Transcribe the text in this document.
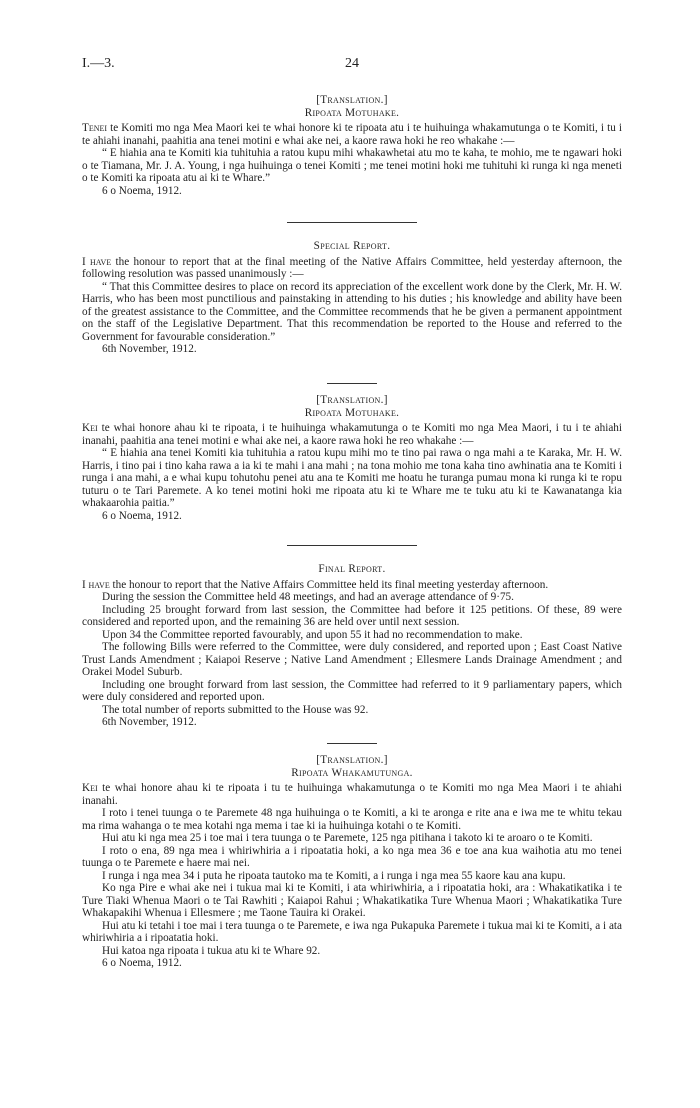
I.—3.	24

[Translation.]

Ripoata Motuhake.

Tenei te Komiti mo nga Mea Maori kei te whai honore ki te ripoata atu i te huihuinga whakamutunga o te Komiti, i tu i te ahiahi inanahi, paahitia ana tenei motini e whai ake nei, a kaore rawa hoki he reo whakahe :—

“ E hiahia ana te Komiti kia tuhituhia a ratou kupu mihi whakawhetai atu mo te kaha, te mohio, me te ngawari hoki o te Tiamana, Mr. J. A. Young, i nga huihuinga o tenei Komiti ; me tenei motini hoki me tuhituhi ki runga ki nga meneti o te Komiti ka ripoata atu ai ki te Whare.”

6 o Noema, 1912.

Special Report.

I have the honour to report that at the final meeting of the Native Affairs Committee, held yesterday afternoon, the following resolution was passed unanimously :—

“ That this Committee desires to place on record its appreciation of the excellent work done by the Clerk, Mr. H. W. Harris, who has been most punctilious and painstaking in attending to his duties ; his knowledge and ability have been of the greatest assistance to the Committee, and the Committee recommends that he be given a permanent appointment on the staff of the Legislative Department. That this recommendation be reported to the House and referred to the Government for favourable consideration.”

6th November, 1912.

[Translation.]

Ripoata Motuhake.

Kei te whai honore ahau ki te ripoata, i te huihuinga whakamutunga o te Komiti mo nga Mea Maori, i tu i te ahiahi inanahi, paahitia ana tenei motini e whai ake nei, a kaore rawa hoki he reo whakahe :—

“ E hiahia ana tenei Komiti kia tuhituhia a ratou kupu mihi mo te tino pai rawa o nga mahi a te Karaka, Mr. H. W. Harris, i tino pai i tino kaha rawa a ia ki te mahi i ana mahi ; na tona mohio me tona kaha tino awhinatia ana te Komiti i runga i ana mahi, a e whai kupu tohutohu penei atu ana te Komiti me hoatu he turanga pumau mona ki runga ki te ropu tuturu o te Tari Paremete. A ko tenei motini hoki me ripoata atu ki te Whare me te tuku atu ki te Kawanatanga kia whakaarohia paitia.”

6 o Noema, 1912.

Final Report.

I have the honour to report that the Native Affairs Committee held its final meeting yesterday afternoon.

During the session the Committee held 48 meetings, and had an average attendance of 9·75.

Including 25 brought forward from last session, the Committee had before it 125 petitions. Of these, 89 were considered and reported upon, and the remaining 36 are held over until next session.

Upon 34 the Committee reported favourably, and upon 55 it had no recommendation to make.

The following Bills were referred to the Committee, were duly considered, and reported upon ; East Coast Native Trust Lands Amendment ; Kaiapoi Reserve ; Native Land Amendment ; Ellesmere Lands Drainage Amendment ; and Orakei Model Suburb.

Including one brought forward from last session, the Committee had referred to it 9 parliamentary papers, which were duly considered and reported upon.

The total number of reports submitted to the House was 92.

6th November, 1912.

[Translation.]

Ripoata Whakamutunga.

Kei te whai honore ahau ki te ripoata i tu te huihuinga whakamutunga o te Komiti mo nga Mea Maori i te ahiahi inanahi.

I roto i tenei tuunga o te Paremete 48 nga huihuinga o te Komiti, a ki te aronga e rite ana e iwa me te whitu tekau ma rima wahanga o te mea kotahi nga mema i tae ki ia huihuinga kotahi o te Komiti.

Hui atu ki nga mea 25 i toe mai i tera tuunga o te Paremete, 125 nga pitihana i takoto ki te aroaro o te Komiti.

I roto o ena, 89 nga mea i whiriwhiria a i ripoatatia hoki, a ko nga mea 36 e toe ana kua waihotia atu mo tenei tuunga o te Paremete e haere mai nei.

I runga i nga mea 34 i puta he ripoata tautoko ma te Komiti, a i runga i nga mea 55 kaore kau ana kupu.

Ko nga Pire e whai ake nei i tukua mai ki te Komiti, i ata whiriwhiria, a i ripoatatia hoki, ara : Whakatikatika i te Ture Tiaki Whenua Maori o te Tai Rawhiti ; Kaiapoi Rahui ; Whakatikatika Ture Whenua Maori ; Whakatikatika Ture Whakapakihi Whenua i Ellesmere ; me Taone Tauira ki Orakei.

Hui atu ki tetahi i toe mai i tera tuunga o te Paremete, e iwa nga Pukapuka Paremete i tukua mai ki te Komiti, a i ata whiriwhiria a i ripoatatia hoki.

Hui katoa nga ripoata i tukua atu ki te Whare 92.

6 o Noema, 1912.
